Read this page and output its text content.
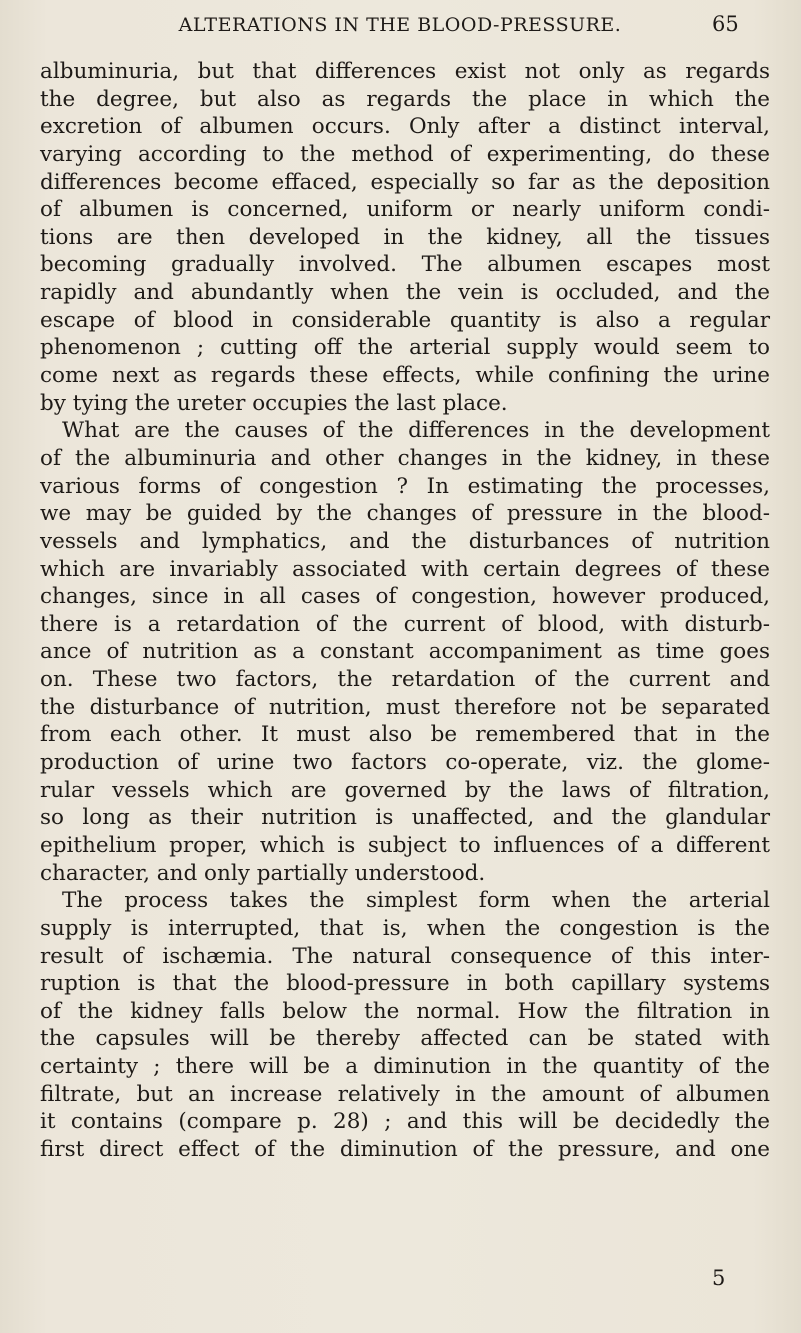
ALTERATIONS IN THE BLOOD-PRESSURE.	65
albuminuria, but that differences exist not only as regards
the degree, but also as regards the place in which the
excretion of albumen occurs. Only after a distinct interval,
varying according to the method of experimenting, do these
differences become effaced, especially so far as the deposition
of albumen is concerned, uniform or nearly uniform condi-
tions are then developed in the kidney, all the tissues
becoming gradually involved. The albumen escapes most
rapidly and abundantly when the vein is occluded, and the
escape of blood in considerable quantity is also a regular
phenomenon ; cutting off the arterial supply would seem to
come next as regards these effects, while confining the urine
by tying the ureter occupies the last place.
What are the causes of the differences in the development
of the albuminuria and other changes in the kidney, in these
various forms of congestion ? In estimating the processes,
we may be guided by the changes of pressure in the blood-
vessels and lymphatics, and the disturbances of nutrition
which are invariably associated with certain degrees of these
changes, since in all cases of congestion, however produced,
there is a retardation of the current of blood, with disturb-
ance of nutrition as a constant accompaniment as time goes
on. These two factors, the retardation of the current and
the disturbance of nutrition, must therefore not be separated
from each other. It must also be remembered that in the
production of urine two factors co-operate, viz. the glome-
rular vessels which are governed by the laws of filtration,
so long as their nutrition is unaffected, and the glandular
epithelium proper, which is subject to influences of a different
character, and only partially understood.
The process takes the simplest form when the arterial
supply is interrupted, that is, when the congestion is the
result of ischæmia. The natural consequence of this inter-
ruption is that the blood-pressure in both capillary systems
of the kidney falls below the normal. How the filtration in
the capsules will be thereby affected can be stated with
certainty ; there will be a diminution in the quantity of the
filtrate, but an increase relatively in the amount of albumen
it contains (compare p. 28) ; and this will be decidedly the
first direct effect of the diminution of the pressure, and one
5
